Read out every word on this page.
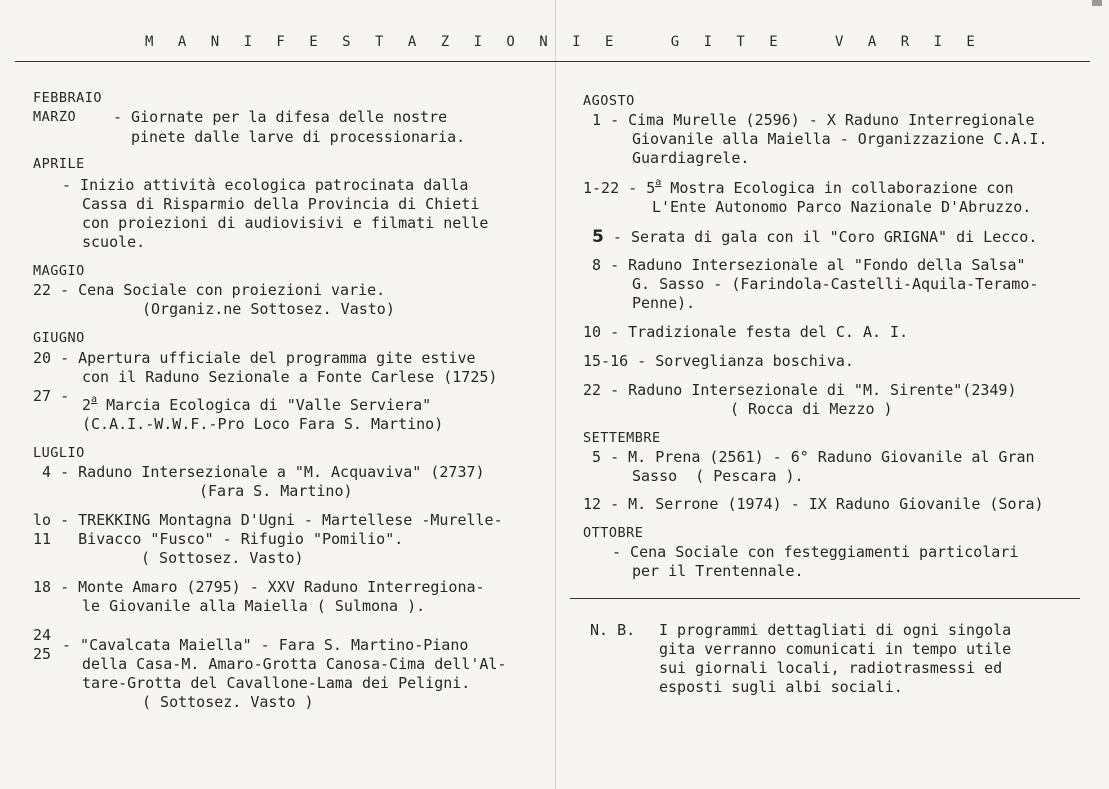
M A N I F E S T A Z I O N I E   G I T E   V A R I E
FEBBRAIO
MARZO - Giornate per la difesa delle nostre
pinete dalle larve di processionaria.
APRILE
- Inizio attività ecologica patrocinata dalla
Cassa di Risparmio della Provincia di Chieti
con proiezioni di audiovisivi e filmati nelle
scuole.
MAGGIO
22 - Cena Sociale con proiezioni varie.
(Organiz.ne Sottosez. Vasto)
GIUGNO
20 - Apertura ufficiale del programma gite estive
con il Raduno Sezionale a Fonte Carlese (1725)
27 - 2$^a$ Marcia Ecologica di "Valle Serviera"
(C.A.I.-W.W.F.-Pro Loco Fara S. Martino)
LUGLIO
4 - Raduno Intersezionale a "M. Acquaviva" (2737)
(Fara S. Martino)
lo - TREKKING Montagna D'Ugni - Martellese -Murelle-
11   Bivacco "Fusco" - Rifugio "Pomilio".
( Sottosez. Vasto)
18 - Monte Amaro (2795) - XXV Raduno Interregiona-
le Giovanile alla Maiella ( Sulmona ).
24
25 - "Cavalcata Maiella" - Fara S. Martino-Piano
della Casa-M. Amaro-Grotta Canosa-Cima dell'Al-
tare-Grotta del Cavallone-Lama dei Peligni.
( Sottosez. Vasto )
AGOSTO
1 - Cima Murelle (2596) - X Raduno Interregionale
Giovanile alla Maiella - Organizzazione C.A.I.
Guardiagrele.
1-22 - 5$^a$ Mostra Ecologica in collaborazione con
L'Ente Autonomo Parco Nazionale D'Abruzzo.
5 - Serata di gala con il "Coro GRIGNA" di Lecco.
8 - Raduno Intersezionale al "Fondo della Salsa"
G. Sasso - (Farindola-Castelli-Aquila-Teramo-
Penne).
10 - Tradizionale festa del C. A. I.
15-16 - Sorveglianza boschiva.
22 - Raduno Intersezionale di "M. Sirente"(2349)
( Rocca di Mezzo )
SETTEMBRE
5 - M. Prena (2561) - 6° Raduno Giovanile al Gran
Sasso  ( Pescara ).
12 - M. Serrone (1974) - IX Raduno Giovanile (Sora)
OTTOBRE
- Cena Sociale con festeggiamenti particolari
per il Trentennale.
N. B. I programmi dettagliati di ogni singola
gita verranno comunicati in tempo utile
sui giornali locali, radiotrasmessi ed
esposti sugli albi sociali.
